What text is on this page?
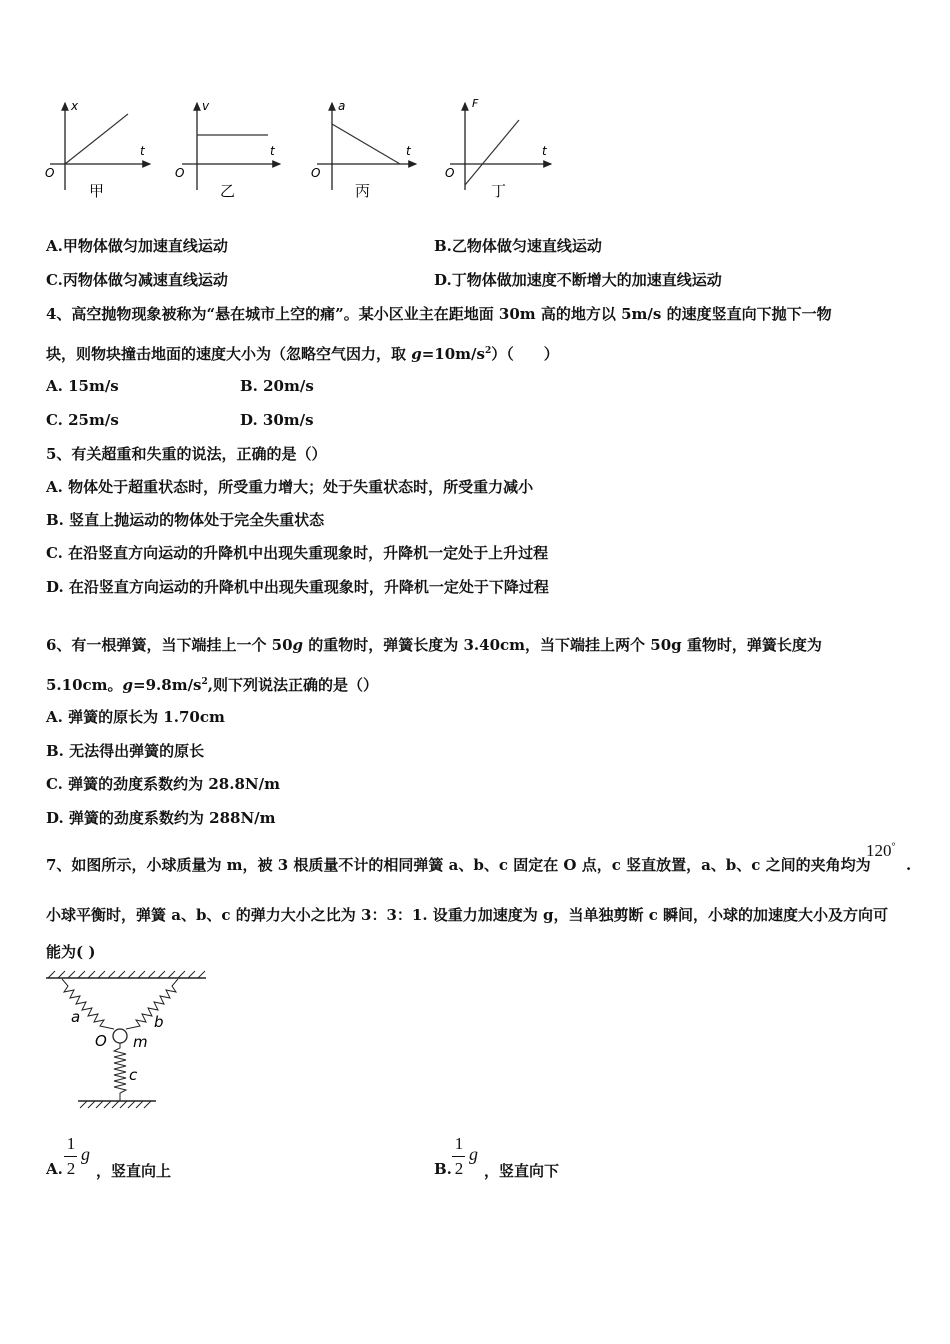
x
t
O
甲
v
t
O
乙
a
t
O
丙
F
t
O
丁
A.甲物体做匀加速直线运动	B.乙物体做匀速直线运动
C.丙物体做匀减速直线运动	D.丁物体做加速度不断增大的加速直线运动
4、高空抛物现象被称为“悬在城市上空的痛”。某小区业主在距地面 30m 高的地方以 5m/s 的速度竖直向下抛下一物
块，则物块撞击地面的速度大小为（忽略空气因力，取 $g=10m/s^2$）（　　）
A. 15m/s	B. 20m/s
C. 25m/s	D. 30m/s
5、有关超重和失重的说法，正确的是（）
A. 物体处于超重状态时，所受重力增大；处于失重状态时，所受重力减小
B. 竖直上抛运动的物体处于完全失重状态
C. 在沿竖直方向运动的升降机中出现失重现象时，升降机一定处于上升过程
D. 在沿竖直方向运动的升降机中出现失重现象时，升降机一定处于下降过程
6、有一根弹簧，当下端挂上一个 50g 的重物时，弹簧长度为 3.40cm，当下端挂上两个 50g 重物时，弹簧长度为
5.10cm。$g=9.8m/s^2$,则下列说法正确的是（）
A. 弹簧的原长为 1.70cm
B. 无法得出弹簧的原长
C. 弹簧的劲度系数约为 28.8N/m
D. 弹簧的劲度系数约为 288N/m
7、如图所示，小球质量为 m，被 3 根质量不计的相同弹簧 a、b、c 固定在 O 点，c 竖直放置，a、b、c 之间的夹角均为
120°
.
小球平衡时，弹簧 a、b、c 的弹力大小之比为 3：3：1. 设重力加速度为 g，当单独剪断 c 瞬间，小球的加速度大小及方向可
能为( )
a	b
O m
c
A.
1
2
g
，竖直向上	B.
1
2
g
，竖直向下
